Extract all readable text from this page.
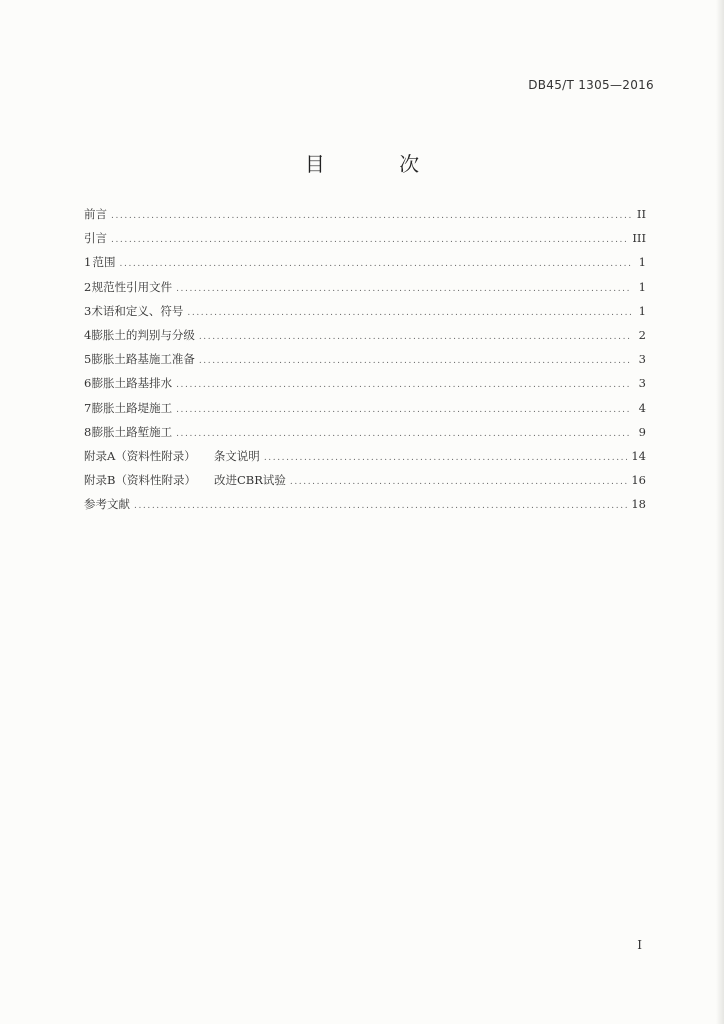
DB45/T 1305—2016
目 次
前言 .....	II
引言 .....	III
1 范围 .....	1
2 规范性引用文件 .....	1
3 术语和定义、符号 .....	1
4 膨胀土的判别与分级 .....	2
5 膨胀土路基施工准备 .....	3
6 膨胀土路基排水 .....	3
7 膨胀土路堤施工 .....	4
8 膨胀土路堑施工 .....	9
附录A（资料性附录） 条文说明 .....	14
附录B（资料性附录） 改进CBR试验 .....	16
参考文献 .....	18
I
